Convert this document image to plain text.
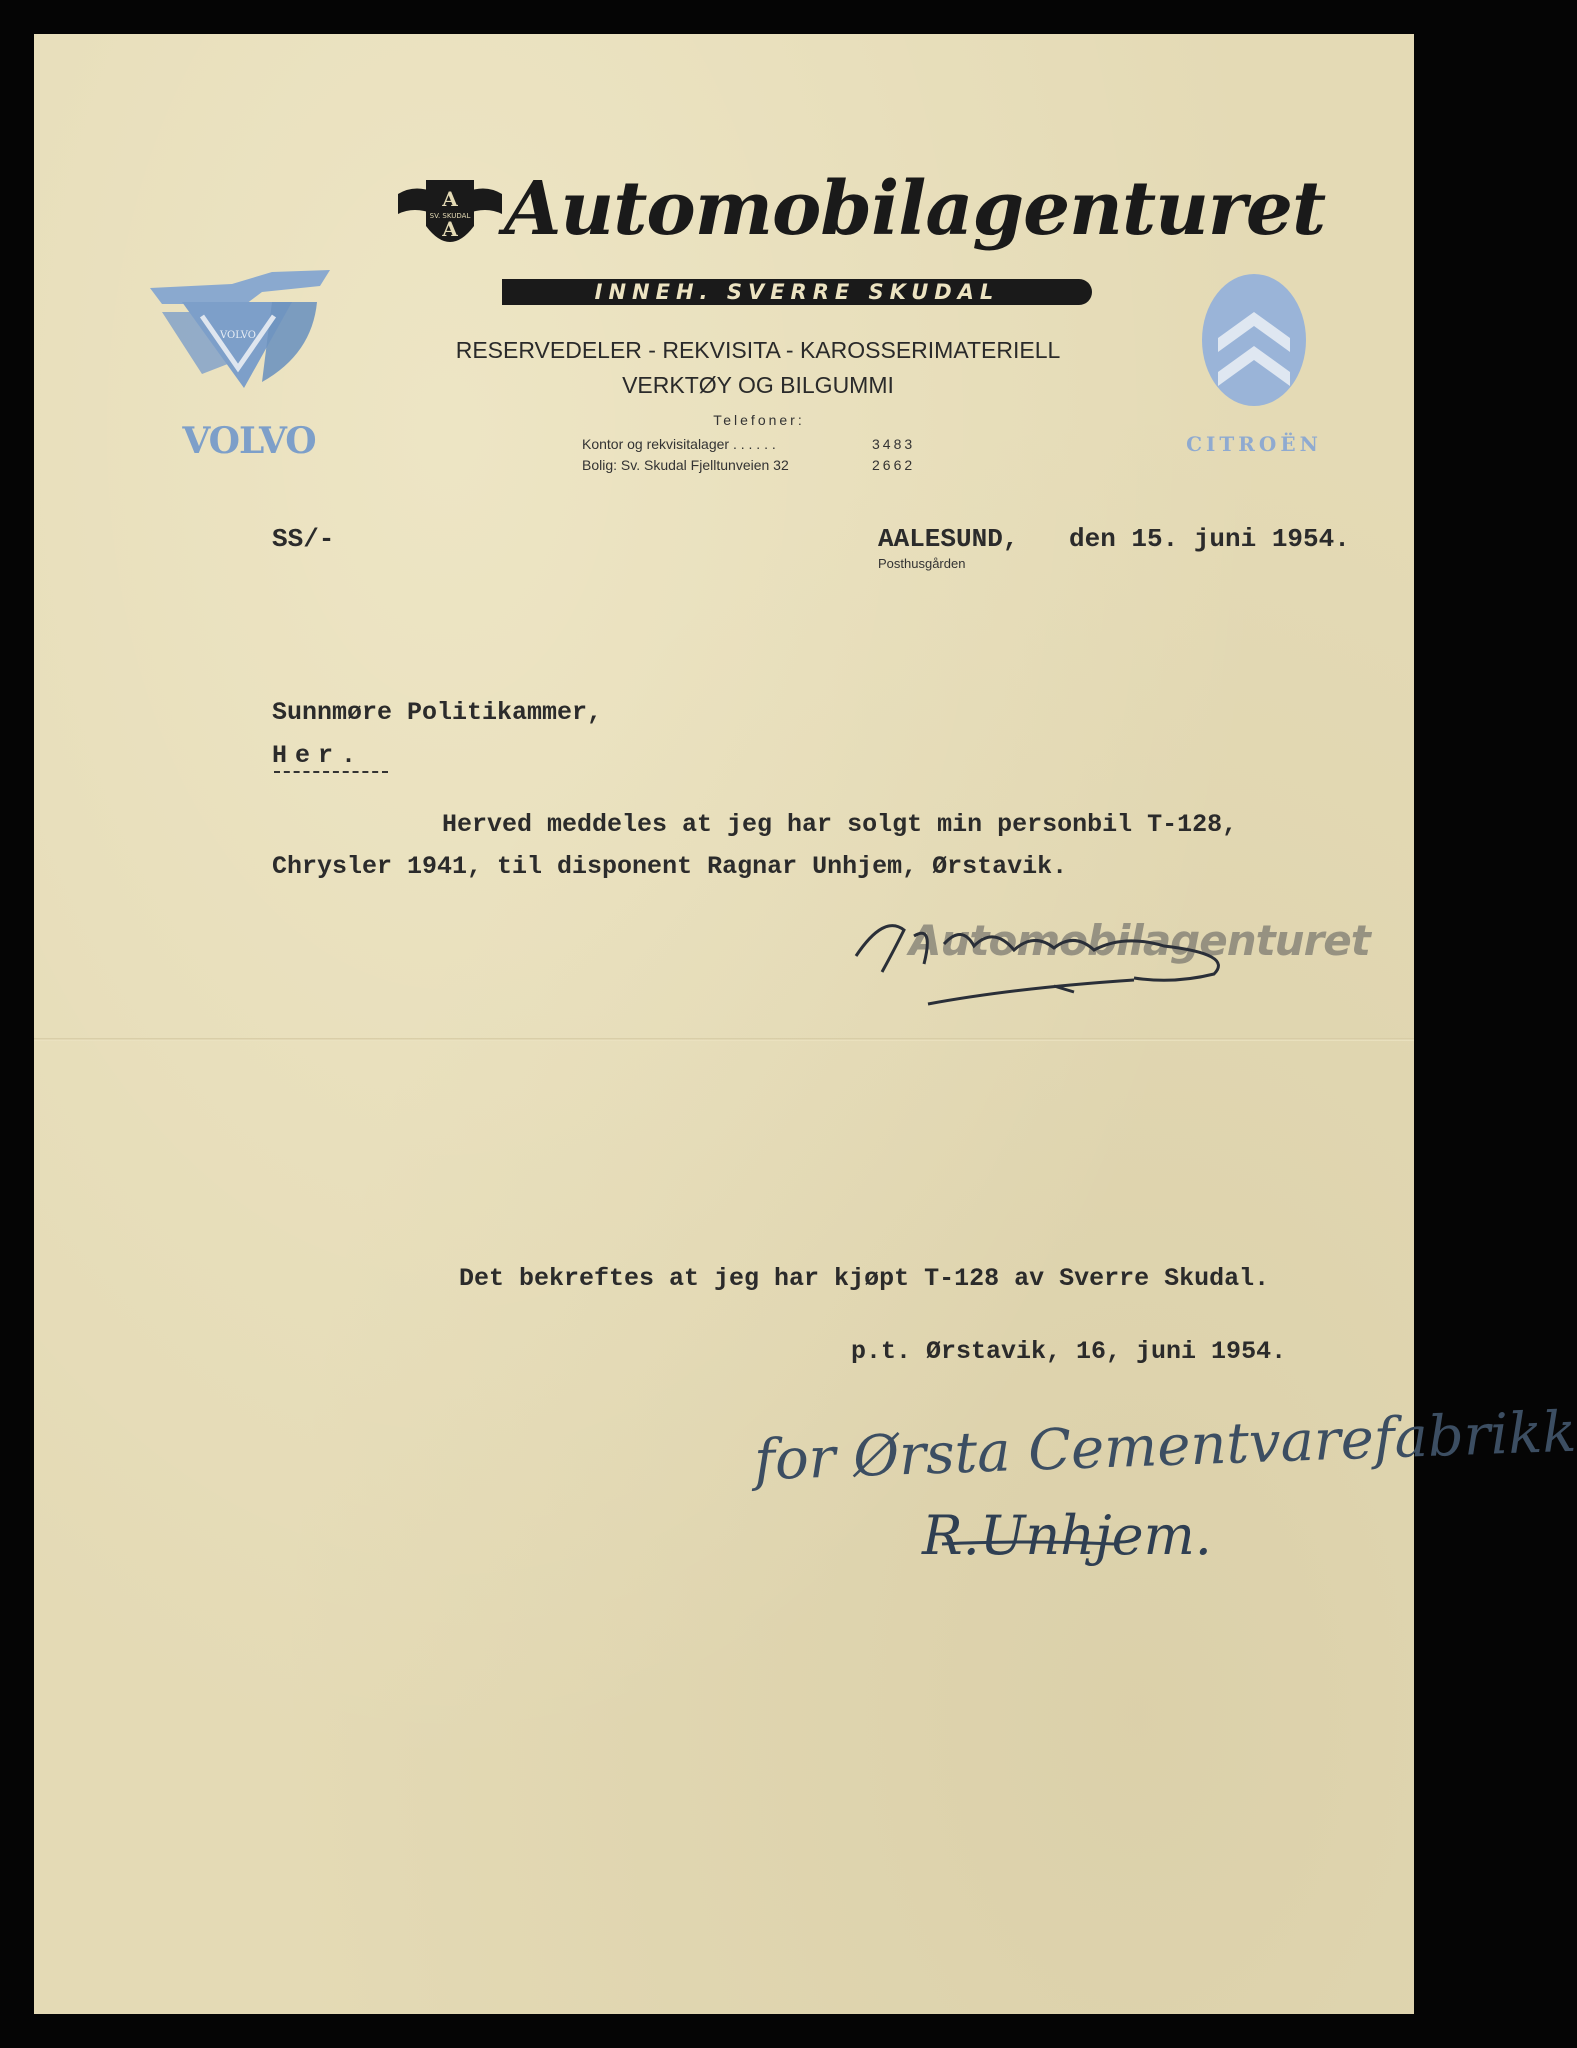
A
A
SV. SKUDAL Automobilagenturet
INNEH. SVERRE SKUDAL
RESERVEDELER - REKVISITA - KAROSSERIMATERIELL
VERKTØY OG BILGUMMI
Telefoner:
Kontor og rekvisitalager . . . . . .	3483
Bolig: Sv. Skudal Fjelltunveien 32	2662
VOLVO
VOLVO	CITROËN
SS/-	AALESUND, den 15. juni 1954.
Posthusgården
Sunnmøre Politikammer,
Her.
Herved meddeles at jeg har solgt min personbil T-128,
Chrysler 1941, til disponent Ragnar Unhjem, Ørstavik.
Automobilagenturet
Det bekreftes at jeg har kjøpt T-128 av Sverre Skudal.
p.t. Ørstavik, 16, juni 1954.
for Ørsta Cementvarefabrikk
R.Unhjem.
